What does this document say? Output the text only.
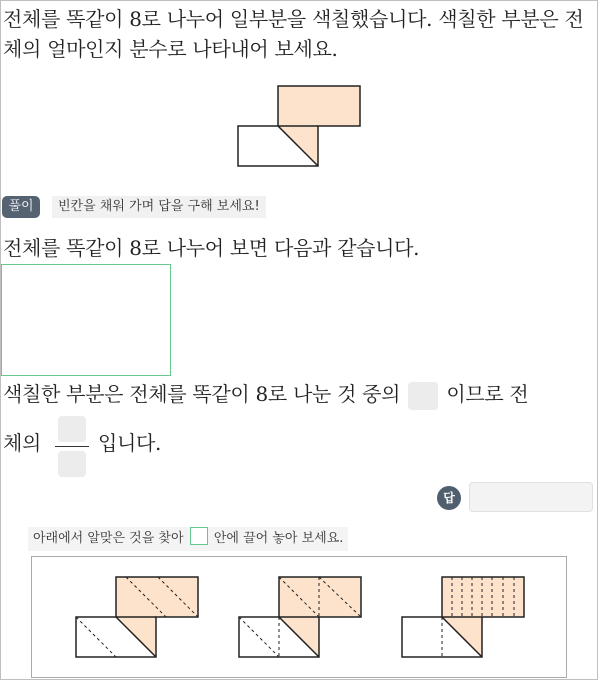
전체를 똑같이 8로 나누어 일부분을 색칠했습니다. 색칠한 부분은 전체의 얼마인지 분수로 나타내어 보세요.
풀이	빈칸을 채워 가며 답을 구해 보세요!
전체를 똑같이 8로 나누어 보면 다음과 같습니다.
색칠한 부분은 전체를 똑같이 8로 나눈 것 중의 이므로 전
체의	입니다.
답
아래에서 알맞은 것을 찾아 안에 끌어 놓아 보세요.
